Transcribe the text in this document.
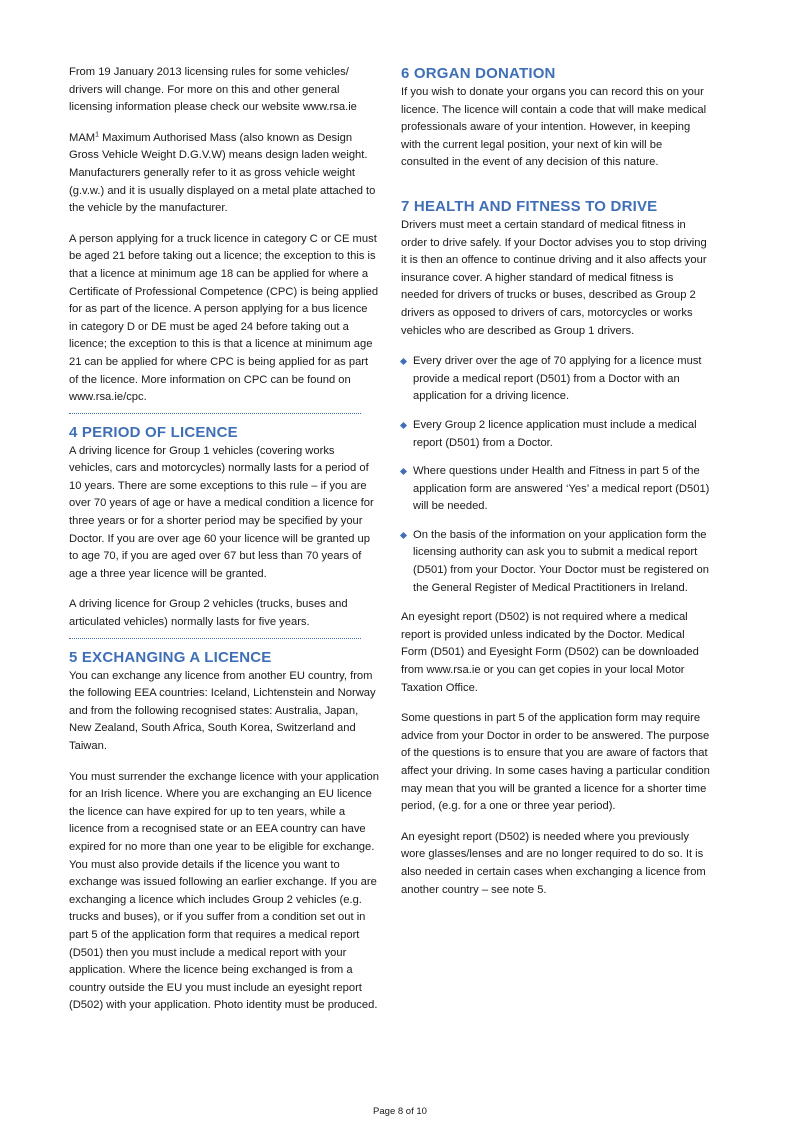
From 19 January 2013 licensing rules for some vehicles/ drivers will change. For more on this and other general licensing information please check our website www.rsa.ie

MAM$^1$ Maximum Authorised Mass (also known as Design Gross Vehicle Weight D.G.V.W) means design laden weight. Manufacturers generally refer to it as gross vehicle weight (g.v.w.) and it is usually displayed on a metal plate attached to the vehicle by the manufacturer.

A person applying for a truck licence in category C or CE must be aged 21 before taking out a licence; the exception to this is that a licence at minimum age 18 can be applied for where a Certificate of Professional Competence (CPC) is being applied for as part of the licence. A person applying for a bus licence in category D or DE must be aged 24 before taking out a licence; the exception to this is that a licence at minimum age 21 can be applied for where CPC is being applied for as part of the licence. More information on CPC can be found on www.rsa.ie/cpc.

4 PERIOD OF LICENCE

A driving licence for Group 1 vehicles (covering works vehicles, cars and motorcycles) normally lasts for a period of 10 years. There are some exceptions to this rule – if you are over 70 years of age or have a medical condition a licence for three years or for a shorter period may be specified by your Doctor. If you are over age 60 your licence will be granted up to age 70, if you are aged over 67 but less than 70 years of age a three year licence will be granted.

A driving licence for Group 2 vehicles (trucks, buses and articulated vehicles) normally lasts for five years.

5 EXCHANGING A LICENCE

You can exchange any licence from another EU country, from the following EEA countries: Iceland, Lichtenstein and Norway and from the following recognised states: Australia, Japan, New Zealand, South Africa, South Korea, Switzerland and Taiwan.

You must surrender the exchange licence with your application for an Irish licence. Where you are exchanging an EU licence the licence can have expired for up to ten years, while a licence from a recognised state or an EEA country can have expired for no more than one year to be eligible for exchange. You must also provide details if the licence you want to exchange was issued following an earlier exchange. If you are exchanging a licence which includes Group 2 vehicles (e.g. trucks and buses), or if you suffer from a condition set out in part 5 of the application form that requires a medical report (D501) then you must include a medical report with your application. Where the licence being exchanged is from a country outside the EU you must include an eyesight report (D502) with your application. Photo identity must be produced.

6 ORGAN DONATION

If you wish to donate your organs you can record this on your licence. The licence will contain a code that will make medical professionals aware of your intention. However, in keeping with the current legal position, your next of kin will be consulted in the event of any decision of this nature.

7 HEALTH AND FITNESS TO DRIVE

Drivers must meet a certain standard of medical fitness in order to drive safely. If your Doctor advises you to stop driving it is then an offence to continue driving and it also affects your insurance cover. A higher standard of medical fitness is needed for drivers of trucks or buses, described as Group 2 drivers as opposed to drivers of cars, motorcycles or works vehicles who are described as Group 1 drivers.

Every driver over the age of 70 applying for a licence must provide a medical report (D501) from a Doctor with an application for a driving licence.
Every Group 2 licence application must include a medical report (D501) from a Doctor.
Where questions under Health and Fitness in part 5 of the application form are answered ‘Yes’ a medical report (D501) will be needed.
On the basis of the information on your application form the licensing authority can ask you to submit a medical report (D501) from your Doctor. Your Doctor must be registered on the General Register of Medical Practitioners in Ireland.

An eyesight report (D502) is not required where a medical report is provided unless indicated by the Doctor. Medical Form (D501) and Eyesight Form (D502) can be downloaded from www.rsa.ie or you can get copies in your local Motor Taxation Office.

Some questions in part 5 of the application form may require advice from your Doctor in order to be answered. The purpose of the questions is to ensure that you are aware of factors that affect your driving. In some cases having a particular condition may mean that you will be granted a licence for a shorter time period, (e.g. for a one or three year period).

An eyesight report (D502) is needed where you previously wore glasses/lenses and are no longer required to do so. It is also needed in certain cases when exchanging a licence from another country – see note 5.

Page 8 of 10
